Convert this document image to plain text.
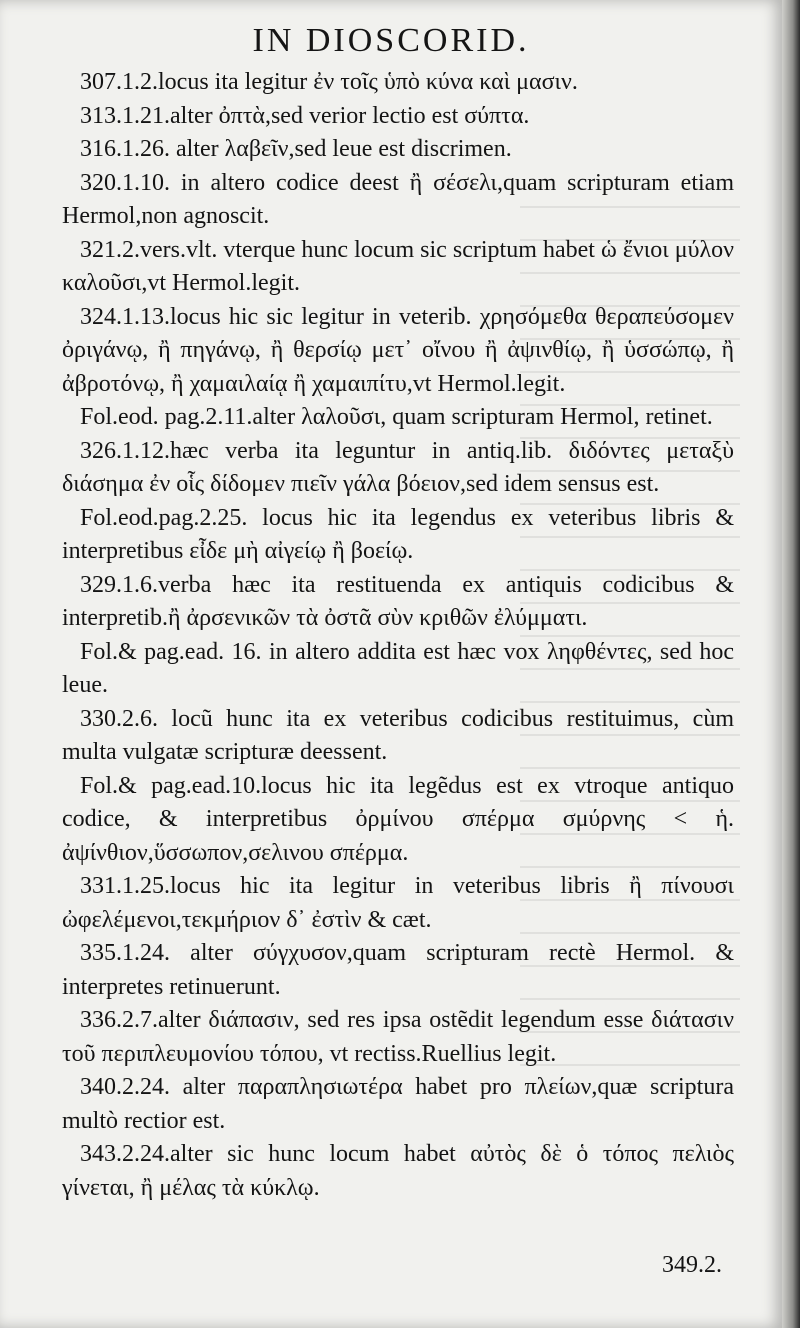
IN DIOSCORID.

307.1.2.locus ita legitur ἐν τοῖς ὑπὸ κύνα καὶ μασιν.

313.1.21.alter ὀπτὰ,sed verior lectio est σύπτα.

316.1.26. alter λαβεῖν,sed leue est discrimen.

320.1.10. in altero codice deest ἢ σέσελι,quam scripturam etiam Hermol,non agnoscit.

321.2.vers.vlt. vterque hunc locum sic scriptum habet ὡ ἔνιοι μύλον καλοῦσι,vt Hermol.legit.

324.1.13.locus hic sic legitur in veterib. χρησόμεθα θεραπεύσομεν ὀριγάνῳ, ἢ πηγάνῳ, ἢ θερσίῳ μετ᾽ οἴνου ἢ ἀψινθίῳ, ἢ ὑσσώπῳ, ἢ ἀβροτόνῳ, ἢ χαμαιλαίᾳ ἢ χαμαιπίτυ,vt Hermol.legit.

Fol.eod. pag.2.11.alter λαλοῦσι, quam scripturam Hermol, retinet.

326.1.12.hæc verba ita leguntur in antiq.lib. διδόντες μεταξὺ διάσημα ἐν οἷς δίδομεν πιεῖν γάλα βόειον,sed idem sensus est.

Fol.eod.pag.2.25. locus hic ita legendus ex veteribus libris & interpretibus εἶδε μὴ αἰγείῳ ἢ βοείῳ.

329.1.6.verba hæc ita restituenda ex antiquis codicibus & interpretib.ἢ ἀρσενικῶν τὰ ὀστᾶ σὺν κριθῶν ἐλύμματι.

Fol.& pag.ead. 16. in altero addita est hæc vox ληφθέντες, sed hoc leue.

330.2.6. locũ hunc ita ex veteribus codicibus restituimus, cùm multa vulgatæ scripturæ deessent.

Fol.& pag.ead.10.locus hic ita legẽdus est ex vtroque antiquo codice, & interpretibus ὀρμίνου σπέρμα σμύρνης < ἡ. ἀψίνθιον,ὕσσωπον,σελινου σπέρμα.

331.1.25.locus hic ita legitur in veteribus libris ἢ πίνουσι ὠφελέμενοι,τεκμήριον δ᾽ ἐστὶν & cæt.

335.1.24. alter σύγχυσον,quam scripturam rectè Hermol. & interpretes retinuerunt.

336.2.7.alter διάπασιν, sed res ipsa ostẽdit legendum esse διάτασιν τοῦ περιπλευμονίου τόπου, vt rectiss.Ruellius legit.

340.2.24. alter παραπλησιωτέρα habet pro πλείων,quæ scriptura multò rectior est.

343.2.24.alter sic hunc locum habet αὐτὸς δὲ ὁ τόπος πελιὸς γίνεται, ἢ μέλας τὰ κύκλῳ.

349.2.
